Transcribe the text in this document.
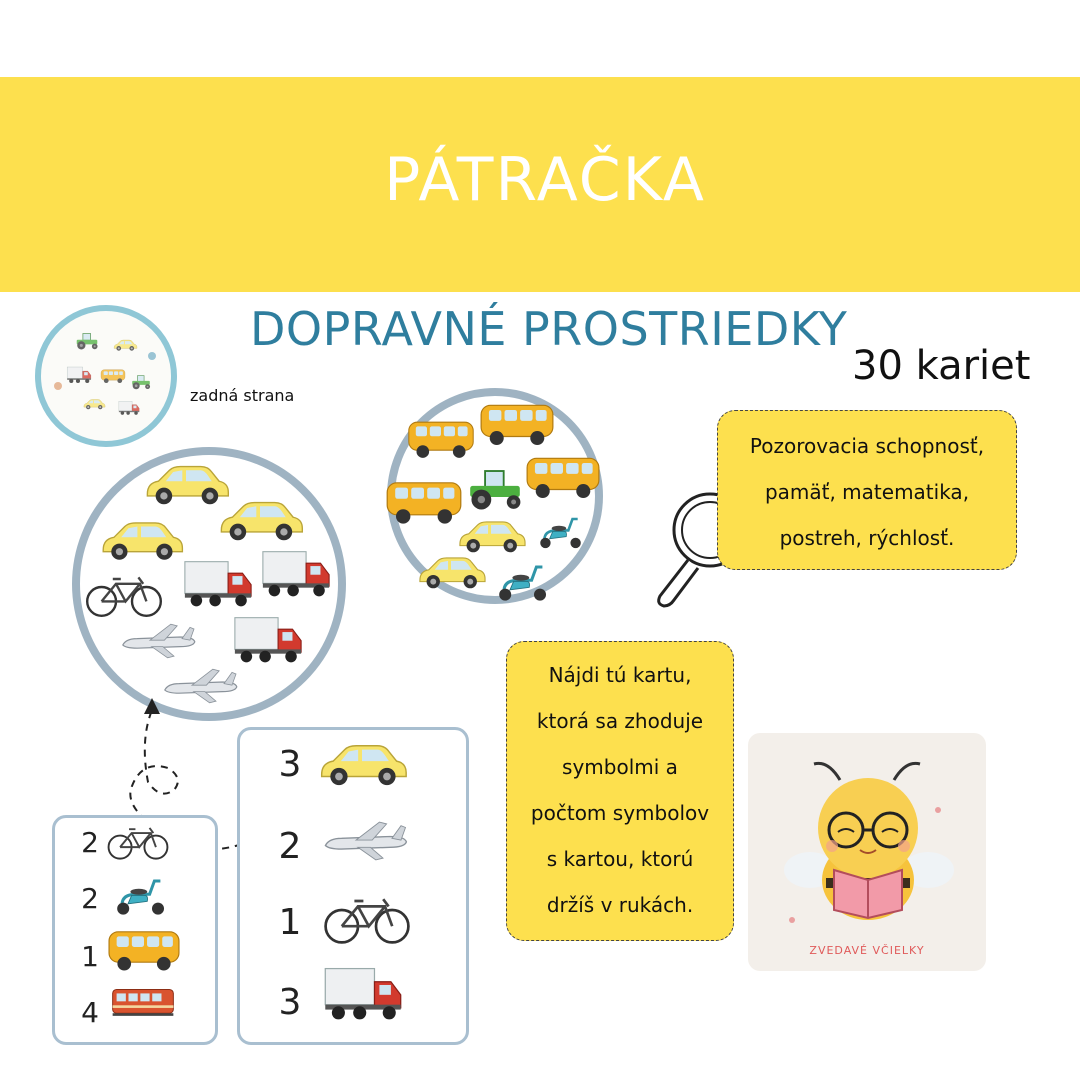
PÁTRAČKA
DOPRAVNÉ PROSTRIEDKY
30 kariet
zadná strana
Pozorovacia schopnosť,
pamäť, matematika,
postreh, rýchlosť.
Nájdi tú kartu,
ktorá sa zhoduje
symbolmi a
počtom symbolov
s kartou, ktorú
držíš v rukách.
2
2
1
4
3
2
1
3
ZVEDAVÉ VČIELKY
